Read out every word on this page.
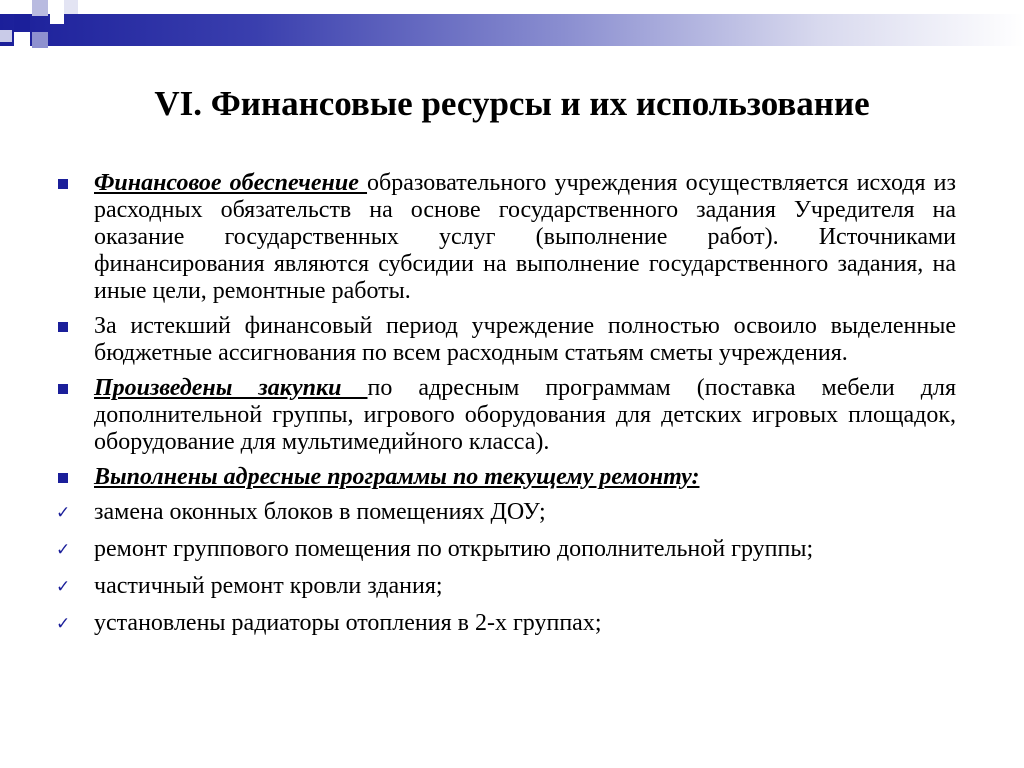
VI. Финансовые ресурсы и их использование
Финансовое обеспечение образовательного учреждения осуществляется исходя из расходных обязательств на основе государственного задания Учредителя на оказание государственных услуг (выполнение работ). Источниками финансирования являются субсидии на выполнение государственного задания, на иные цели, ремонтные работы.
За истекший финансовый период учреждение полностью освоило выделенные бюджетные ассигнования по всем расходным статьям сметы учреждения.
Произведены закупки по адресным программам (поставка мебели для дополнительной группы, игрового оборудования для детских игровых площадок, оборудование для мультимедийного класса).
Выполнены адресные программы по текущему ремонту:
✓ замена оконных блоков в помещениях ДОУ;
✓ ремонт группового помещения по открытию дополнительной группы;
✓ частичный ремонт кровли здания;
✓ установлены радиаторы отопления в 2-х группах;
